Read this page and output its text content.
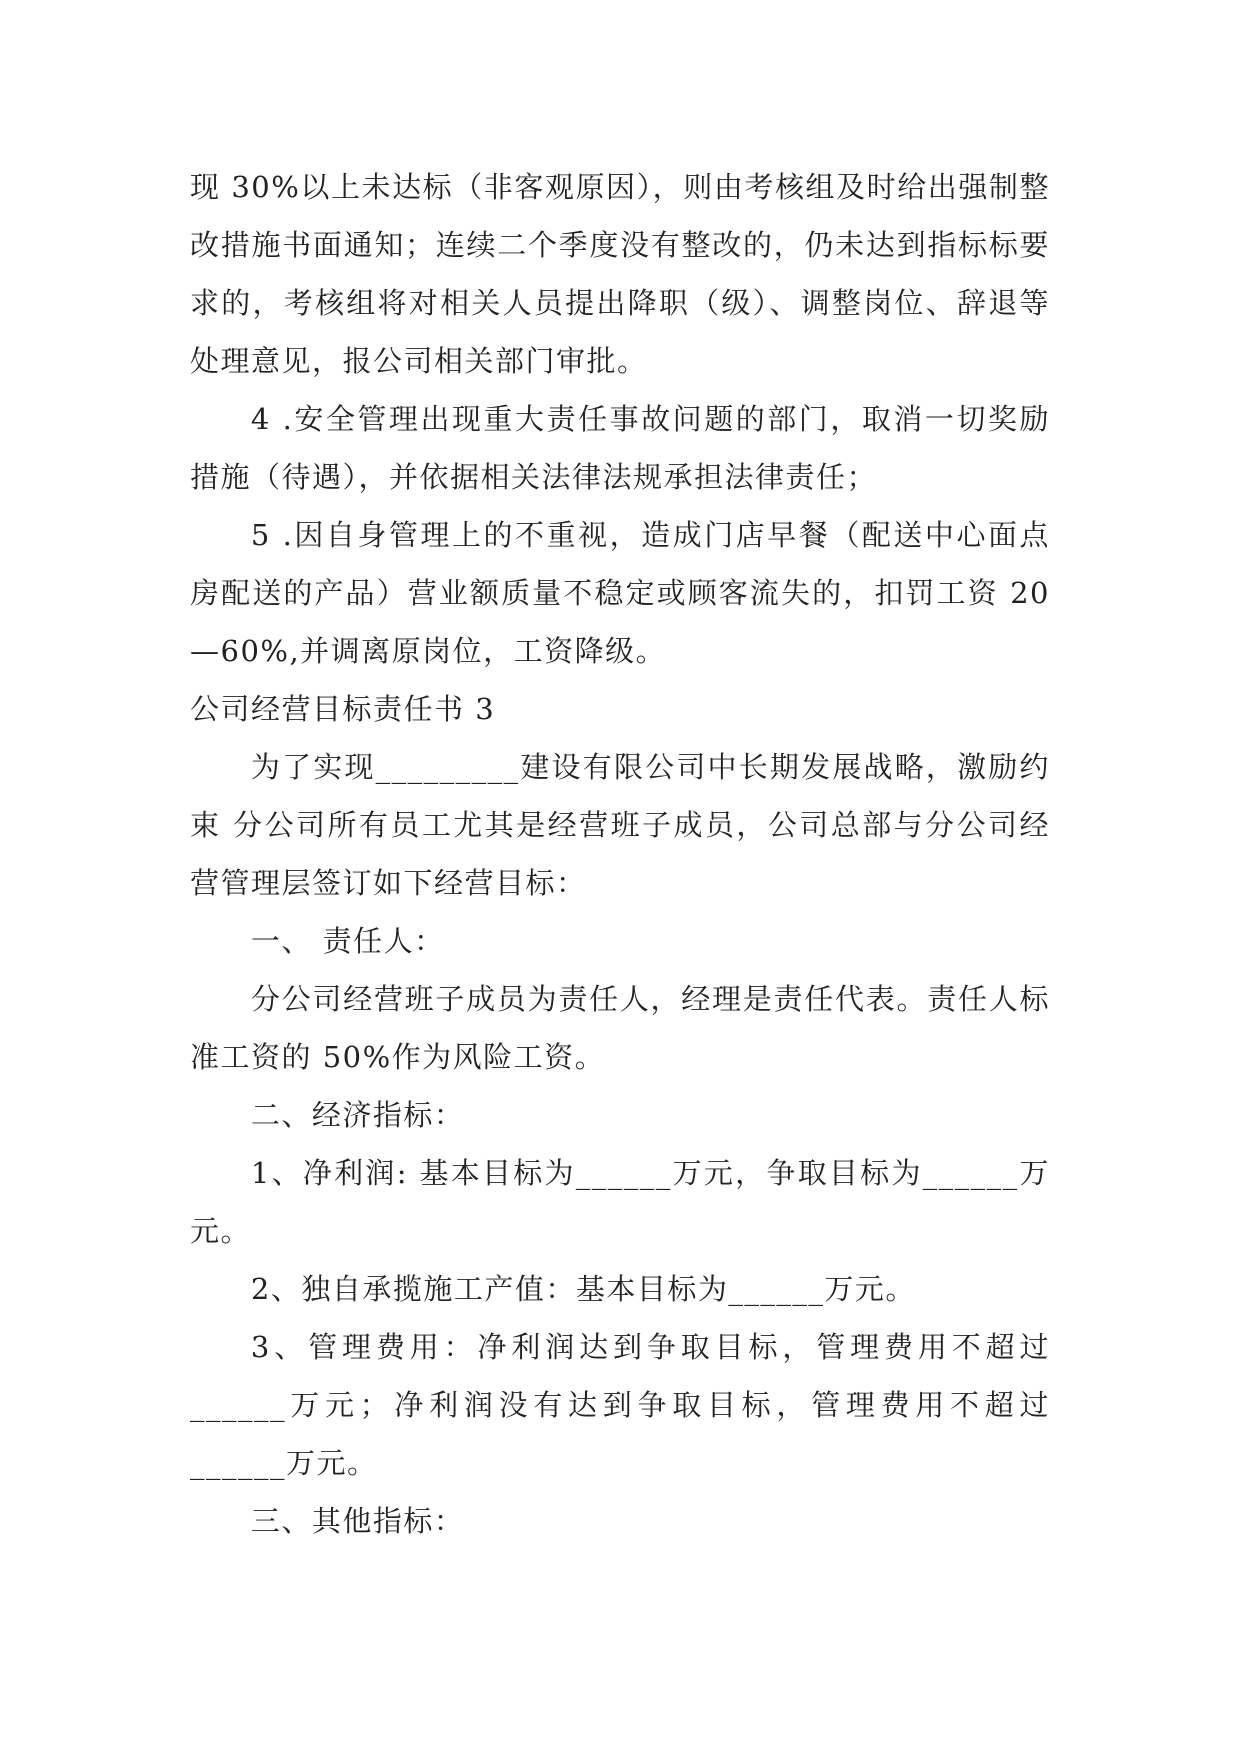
现 30%以上未达标（非客观原因），则由考核组及时给出强制整改措施书面通知；连续二个季度没有整改的，仍未达到指标标要求的，考核组将对相关人员提出降职（级）、调整岗位、辞退等处理意见，报公司相关部门审批。

4 .安全管理出现重大责任事故问题的部门，取消一切奖励措施（待遇），并依据相关法律法规承担法律责任；

5 .因自身管理上的不重视，造成门店早餐（配送中心面点房配送的产品）营业额质量不稳定或顾客流失的，扣罚工资 20—60%,并调离原岗位，工资降级。

公司经营目标责任书 3

为了实现_________建设有限公司中长期发展战略，激励约束 分公司所有员工尤其是经营班子成员，公司总部与分公司经营管理层签订如下经营目标：

一、 责任人：

分公司经营班子成员为责任人，经理是责任代表。责任人标准工资的 50%作为风险工资。

二、经济指标：

1、净利润: 基本目标为______万元，争取目标为______万元。

2、独自承揽施工产值：基本目标为______万元。

3、管理费用：净利润达到争取目标，管理费用不超过______万元；净利润没有达到争取目标，管理费用不超过______万元。

三、其他指标：
